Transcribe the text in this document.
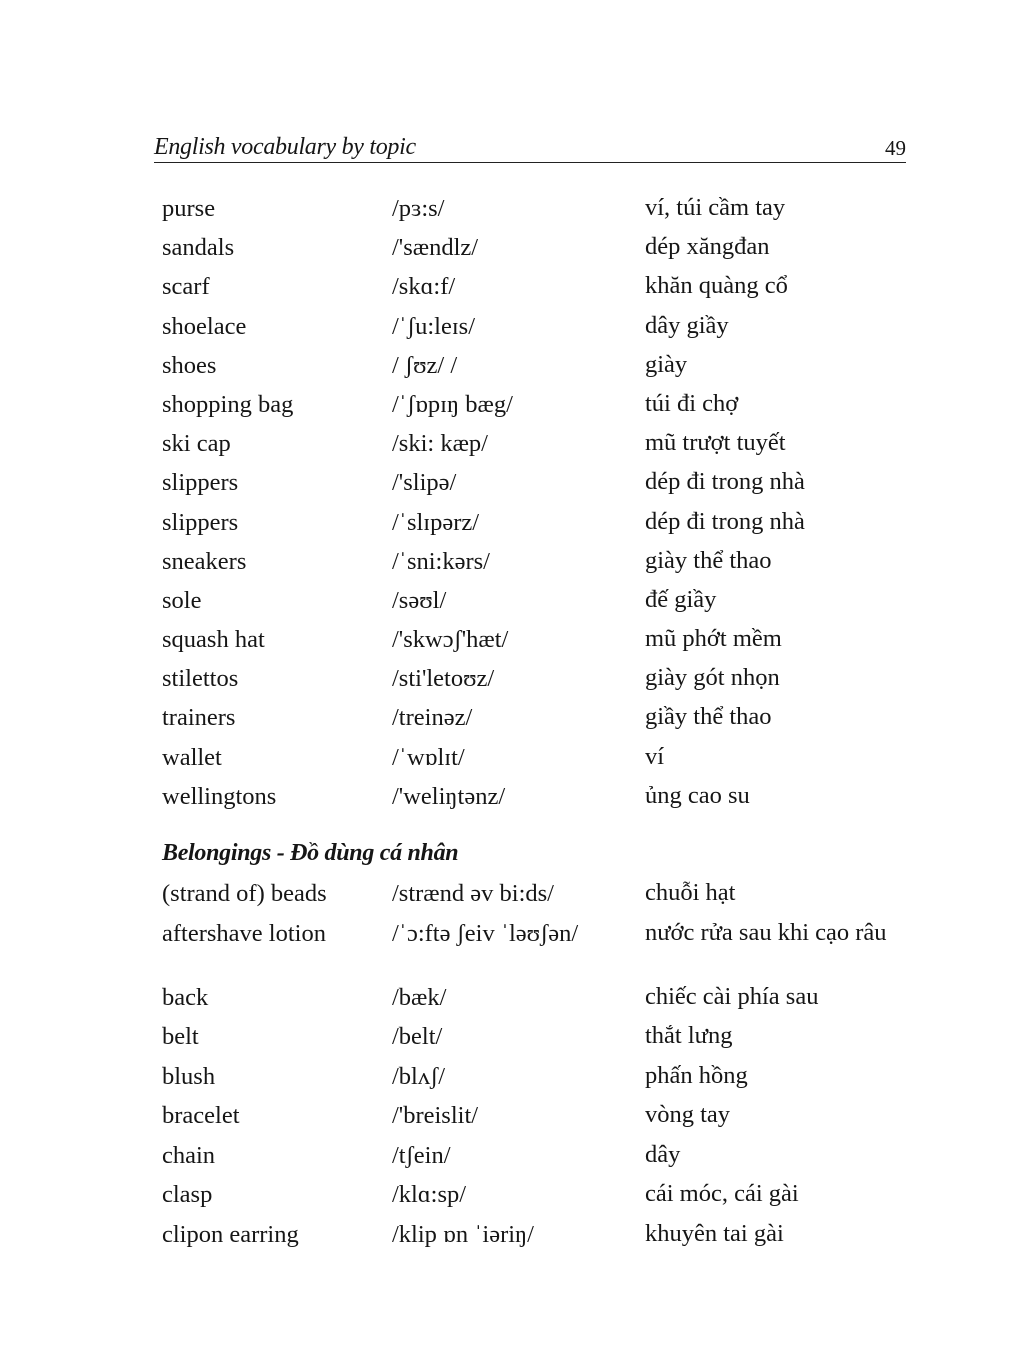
English vocabulary by topic	49
purse	/pɜ:s/	ví, túi cầm tay
sandals	/'sændlz/	dép xăngđan
scarf	/skɑ:f/	khăn quàng cổ
shoelace	/ˈʃu:leɪs/	dây giầy
shoes	/ ʃʊz/ /	giày
shopping bag	/ˈʃɒpɪŋ bæg/	túi đi chợ
ski cap	/ski: kæp/	mũ trượt tuyết
slippers	/'slipə/	dép đi trong nhà
slippers	/ˈslɪpərz/	dép đi trong nhà
sneakers	/ˈsni:kərs/	giày thể thao
sole	/səʊl/	đế giầy
squash hat	/'skwɔʃ'hæt/	mũ phớt mềm
stilettos	/sti'letoʊz/	giày gót nhọn
trainers	/treinəz/	giầy thể thao
wallet	/ˈwɒlɪt/	ví
wellingtons	/'weliŋtənz/	ủng cao su
Belongings - Đồ dùng cá nhân
(strand of) beads	/strænd əv bi:ds/	chuỗi hạt
aftershave lotion	/ˈɔ:ftə ʃeiv ˈləʊʃən/	nước rửa sau khi cạo râu
back	/bæk/	chiếc cài phía sau
belt	/belt/	thắt lưng
blush	/blʌʃ/	phấn hồng
bracelet	/'breislit/	vòng tay
chain	/tʃein/	dây
clasp	/klɑ:sp/	cái móc, cái gài
clipon earring	/klip ɒn ˈiəriŋ/	khuyên tai gài
